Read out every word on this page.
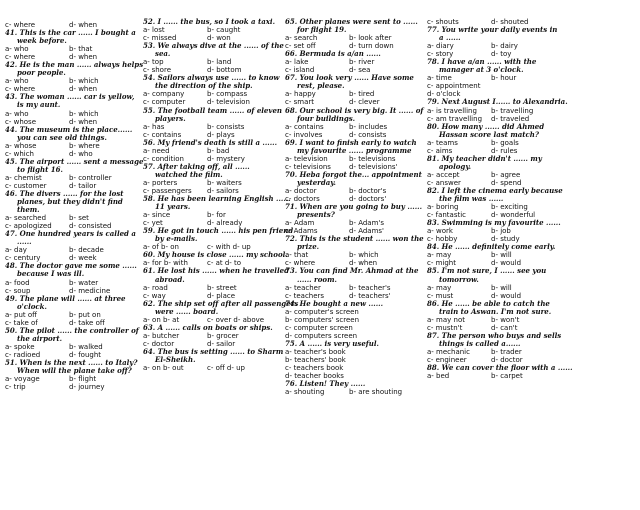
c- where	d- when
41. This is the car ...... I bought a
week before.
a- who	b- that
c- where	d- when
42. He is the man ...... always helps
poor people.
a- who	b- which
c- where	d- when
43. The woman ...... car is yellow,
is my aunt.
a- who	b- which
c- whose	d- when
44. The museum is the place......
you can see old things.
a- whose	b- where
c- which	d- who
45. The airport ...... sent a message
to flight 16.
a- chemist	b- controller
c- customer	d- tailor
46. The divers ...... for the lost
planes, but they didn't find
them.
a- searched	b- set
c- apologized d- consisted
47. One hundred years is called a
......
a- day	b- decade
c- century	d- week
48. The doctor gave me some ......
because I was ill.
a- food	b- water
c- soup	d- medicine
49. The plane will ...... at three
o'clock.
a- put off	b- put on
c- take of	d- take off
50. The pilot ...... the controller of
the airport.
a- spoke	b- walked
c- radioed	d- fought
51. When is the next ...... to Italy?
When will the plane take off?
a- voyage	b- flight
c- trip	d- journey
52. I ...... the bus, so I took a taxi.
a- lost	b- caught
c- missed	d- won
53. We always dive at the ...... of the
sea.
a- top	b- land
c- shore	d- bottom
54. Sailors always use ...... to know
the direction of the ship.
a- company	b- compass
c- computer	d- television
55. The football team ...... of eleven
players.
a- has	b- consists
c- contains	d- plays
56. My friend's death is still a ......
a- need	b- bad
c- condition	d- mystery
57. After taking off, all ......
watched the film.
a- porters	b- waiters
c- passengers d- sailors
58. He has been learning English ......
11 years.
a- since	b- for
c- yet	d- already
59. He got in touch ...... his pen friend
by e-mails.
a- of b- on	c- with d- up
60. My house is close ...... my school.
a- for b- with	c- at d- to
61. He lost his ...... when he travelled
abroad.
a- road	b- street
c- way	d- place
62. The ship set off after all passengers
were ...... board.
a- on b- at	c- over d- above
63. A ...... calls on boats or ships.
a- butcher	b- grocer
c- doctor	d- sailor
64. The bus is setting ...... to Sharm
El-Sheikh.
a- on b- out	c- off d- up
65. Other planes were sent to ......
for flight 19.
a- search	b- look after
c- set off	d- turn down
66. Bermuda is a/an ......
a- lake	b- river
c- island	d- sea
67. You look very ...... Have some
rest, please.
a- happy	b- tired
c- smart	d- clever
68. Our school is very big. It ...... of
four buildings.
a- contains	b- includes
c- involves	d- consists
69. I want to finish early to watch
my favourite ...... programme
a- television	b- televisions
c- televisions	d- televisions'
70. Heba forgot the... appointment
yesterday.
a- doctor	b- doctor's
c- doctors	d- doctors'
71. When are you going to buy ......
presents?
a- Adam	b- Adam's
c- Adams	d- Adams'
72. This is the student ...... won the
prize.
a- that	b- which
c- where	d- when
73. You can find Mr. Ahmad at the
...... room.
a- teacher	b- teacher's
c- teachers	d- teachers'
74. He bought a new ......
a- computer's screen
b- computers' screen
c- computer screen
d- computers screen
75. A ...... is very useful.
a- teacher's book
b- teachers' book
c- teachers book
d- teacher books
76. Listen! They ......
a- shouting	b- are shouting
c- shouts	d- shouted
77. You write your daily events in
a ......
a- diary	b- dairy
c- story	d- toy
78. I have a/an ...... with the
manager at 3 o'clock.
a- time	b- hour
c- appointment
d- o'clock
79. Next August I...... to Alexandria.
a- is travelling b- travelling
c- am travelling d- traveled
80. How many ...... did Ahmed
Hassan score last match?
a- teams	b- goals
c- aims	d- rules
81. My teacher didn't ...... my
apology.
a- accept	b- agree
c- answer	d- spend
82. I left the cinema early because
the film was ......
a- boring	b- exciting
c- fantastic	d- wonderful
83. Swimming is my favourite ......
a- work	b- job
c- hobby	d- study
84. He ...... definitely come early.
a- may	b- will
c- might	d- would
85. I'm not sure, I ...... see you
tomorrow.
a- may	b- will
c- must	d- would
86. He ...... be able to catch the
train to Aswan. I'm not sure.
a- may not	b- won't
c- mustn't	d- can't
87. The person who buys and sells
things is called a......
a- mechanic	b- trader
c- engineer	d- doctor
88. We can cover the floor with a ......
a- bed	b- carpet
